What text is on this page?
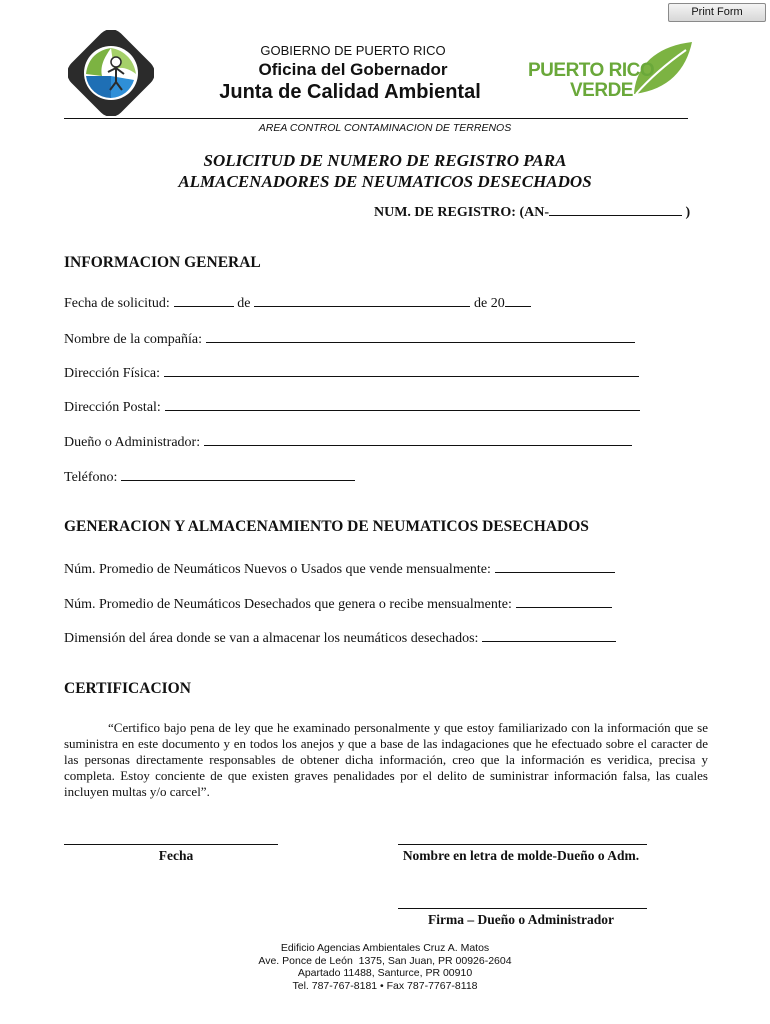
Print Form
GOBIERNO DE PUERTO RICO
Oficina del Gobernador
Junta de Calidad Ambiental
PUERTO RICO
VERDE
AREA CONTROL CONTAMINACION DE TERRENOS
SOLICITUD DE NUMERO DE REGISTRO PARA
ALMACENADORES DE NEUMATICOS DESECHADOS
NUM. DE REGISTRO: (AN-	)
INFORMACION GENERAL
Fecha de solicitud:	de	de 20
Nombre de la compañía:
Dirección Física:
Dirección Postal:
Dueño o Administrador:
Teléfono:
GENERACION Y ALMACENAMIENTO DE NEUMATICOS DESECHADOS
Núm. Promedio de Neumáticos Nuevos o Usados que vende mensualmente:
Núm. Promedio de Neumáticos Desechados que genera o recibe mensualmente:
Dimensión del área donde se van a almacenar los neumáticos desechados:
CERTIFICACION
“Certifico bajo pena de ley que he examinado personalmente y que estoy familiarizado con la información que se suministra en este documento y en todos los anejos y que a base de las indagaciones que he efectuado sobre el caracter de las personas directamente responsables de obtener dicha información, creo que la información es veridica, precisa y completa. Estoy conciente de que existen graves penalidades por el delito de suministrar información falsa, las cuales incluyen multas y/o carcel”.
Fecha	Nombre en letra de molde-Dueño o Adm.
Firma – Dueño o Administrador
Edificio Agencias Ambientales Cruz A. Matos
Ave. Ponce de León  1375, San Juan, PR 00926-2604
Apartado 11488, Santurce, PR 00910
Tel. 787-767-8181 • Fax 787-7767-8118
